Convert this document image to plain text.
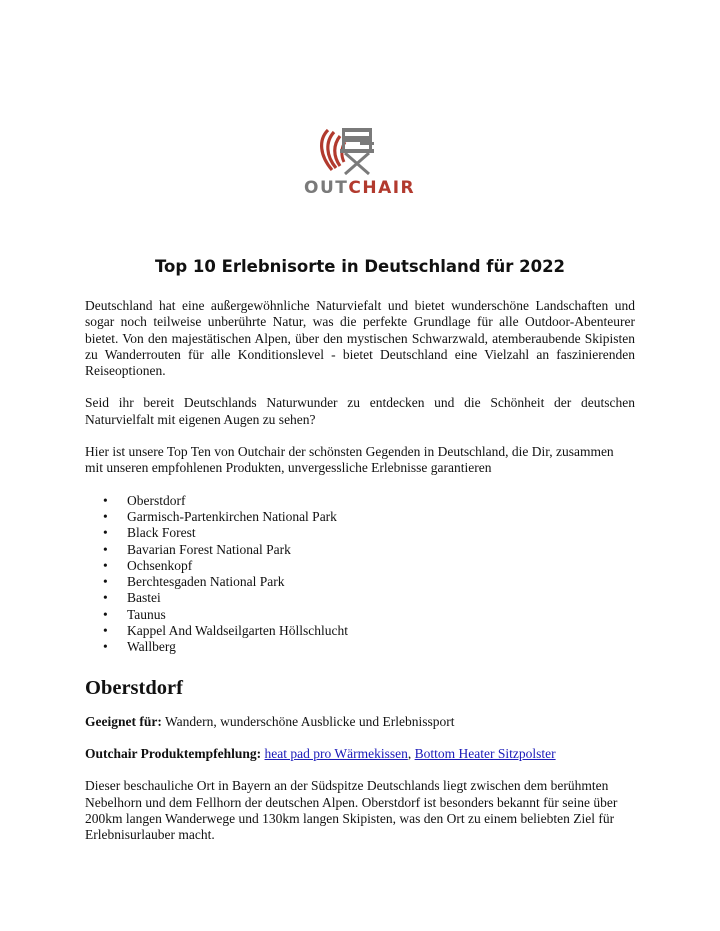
OUTCHAIR
Top 10 Erlebnisorte in Deutschland für 2022

Deutschland hat eine außergewöhnliche Naturviefalt und bietet wunderschöne Landschaften und sogar noch teilweise unberührte Natur, was die perfekte Grundlage für alle Outdoor-Abenteurer bietet. Von den majestätischen Alpen, über den mystischen Schwarzwald, atemberaubende Skipisten zu Wanderrouten für alle Konditionslevel - bietet Deutschland eine Vielzahl an faszinierenden Reiseoptionen.

Seid ihr bereit Deutschlands Naturwunder zu entdecken und die Schönheit der deutschen Naturvielfalt mit eigenen Augen zu sehen?

Hier ist unsere Top Ten von Outchair der schönsten Gegenden in Deutschland, die Dir, zusammen mit unseren empfohlenen Produkten, unvergessliche Erlebnisse garantieren

• Oberstdorf
• Garmisch-Partenkirchen National Park
• Black Forest
• Bavarian Forest National Park
• Ochsenkopf
• Berchtesgaden National Park
• Bastei
• Taunus
• Kappel And Waldseilgarten Höllschlucht
• Wallberg
Oberstdorf

Geeignet für: Wandern, wunderschöne Ausblicke und Erlebnissport

Outchair Produktempfehlung: heat pad pro Wärmekissen, Bottom Heater Sitzpolster

Dieser beschauliche Ort in Bayern an der Südspitze Deutschlands liegt zwischen dem berühmten Nebelhorn und dem Fellhorn der deutschen Alpen. Oberstdorf ist besonders bekannt für seine über 200km langen Wanderwege und 130km langen Skipisten, was den Ort zu einem beliebten Ziel für Erlebnisurlauber macht.
